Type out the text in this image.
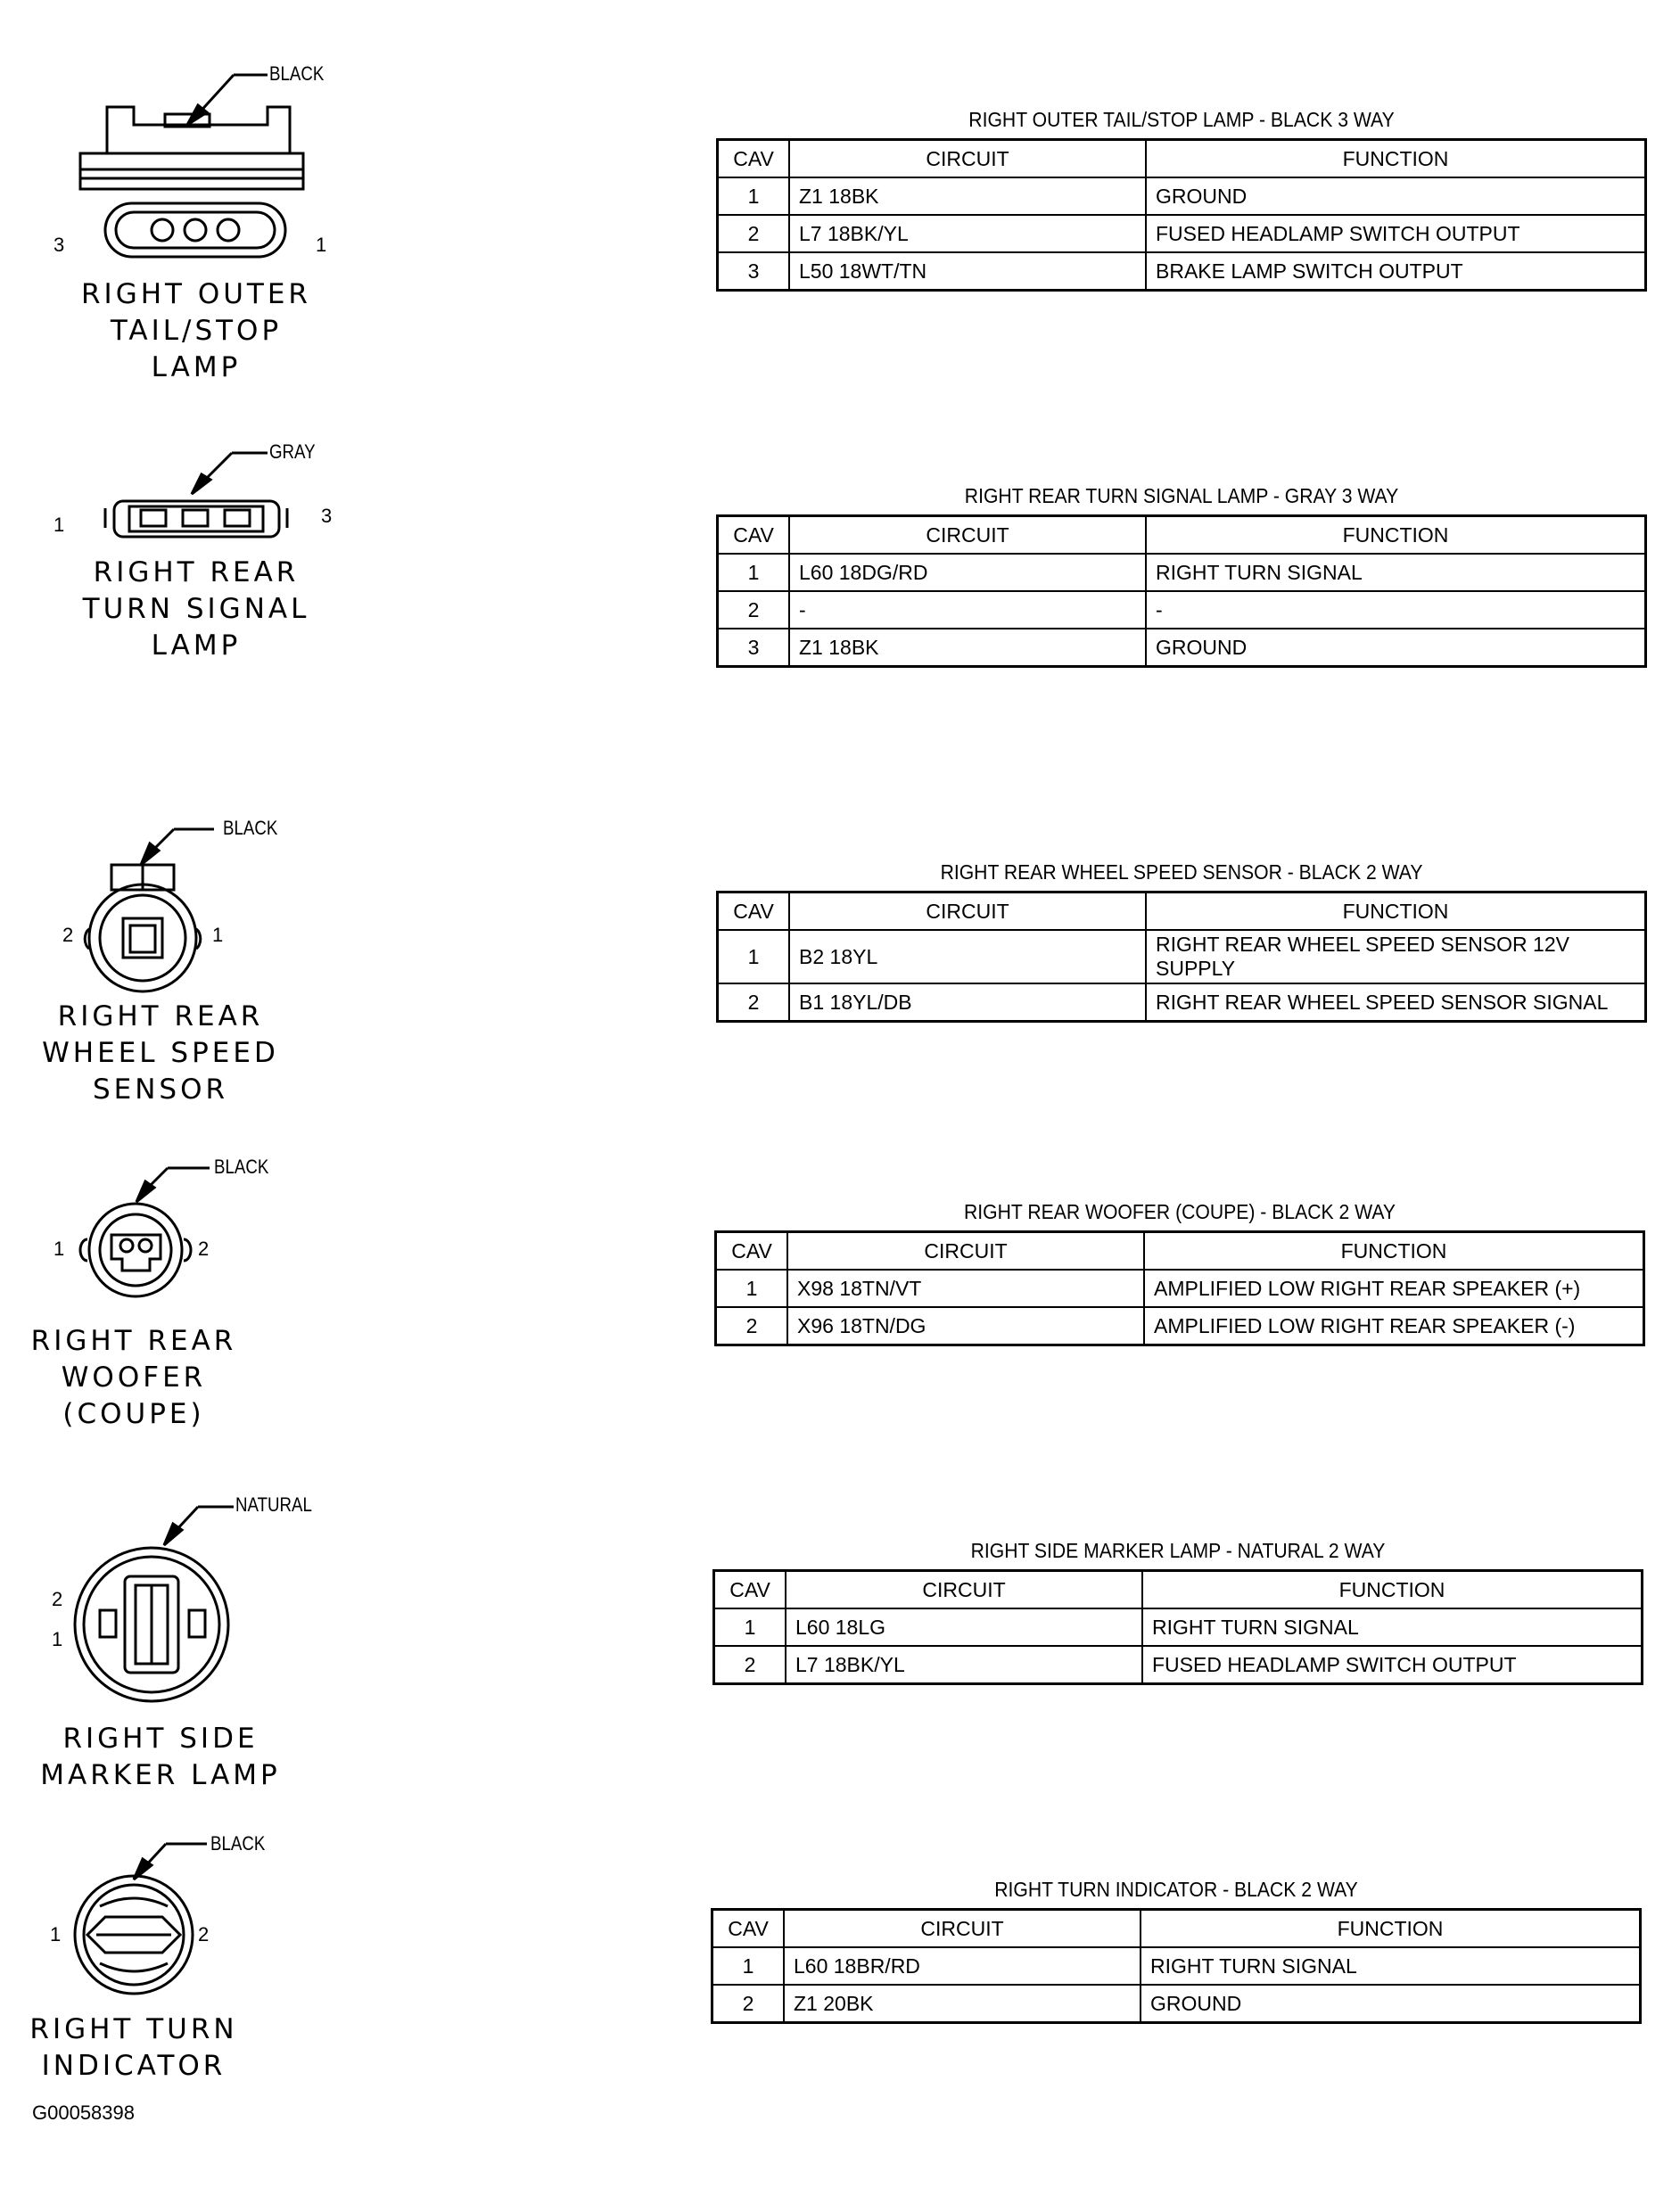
BLACK
3	1
GRAY
1	3
BLACK
2	1
BLACK
1	2
NATURAL
2
1
BLACK
1	2
RIGHT OUTER
TAIL/STOP
LAMP
RIGHT REAR
TURN SIGNAL
LAMP
RIGHT REAR
WHEEL SPEED
SENSOR
RIGHT REAR
WOOFER
(COUPE)
RIGHT SIDE
MARKER LAMP
RIGHT TURN
INDICATOR
RIGHT OUTER TAIL/STOP LAMP - BLACK 3 WAY
CAV	CIRCUIT	FUNCTION
1	Z1 18BK	GROUND
2	L7 18BK/YL	FUSED HEADLAMP SWITCH OUTPUT
3	L50 18WT/TN	BRAKE LAMP SWITCH OUTPUT
RIGHT REAR TURN SIGNAL LAMP - GRAY 3 WAY
CAV	CIRCUIT	FUNCTION
1	L60 18DG/RD	RIGHT TURN SIGNAL
2	-	-
3	Z1 18BK	GROUND
RIGHT REAR WHEEL SPEED SENSOR - BLACK 2 WAY
CAV	CIRCUIT	FUNCTION
1	B2 18YL	RIGHT REAR WHEEL SPEED SENSOR 12V SUPPLY
2	B1 18YL/DB	RIGHT REAR WHEEL SPEED SENSOR SIGNAL
RIGHT REAR WOOFER (COUPE) - BLACK 2 WAY
CAV	CIRCUIT	FUNCTION
1	X98 18TN/VT	AMPLIFIED LOW RIGHT REAR SPEAKER (+)
2	X96 18TN/DG	AMPLIFIED LOW RIGHT REAR SPEAKER (-)
RIGHT SIDE MARKER LAMP - NATURAL 2 WAY
CAV	CIRCUIT	FUNCTION
1	L60 18LG	RIGHT TURN SIGNAL
2	L7 18BK/YL	FUSED HEADLAMP SWITCH OUTPUT
RIGHT TURN INDICATOR - BLACK 2 WAY
CAV	CIRCUIT	FUNCTION
1	L60 18BR/RD	RIGHT TURN SIGNAL
2	Z1 20BK	GROUND
G00058398
